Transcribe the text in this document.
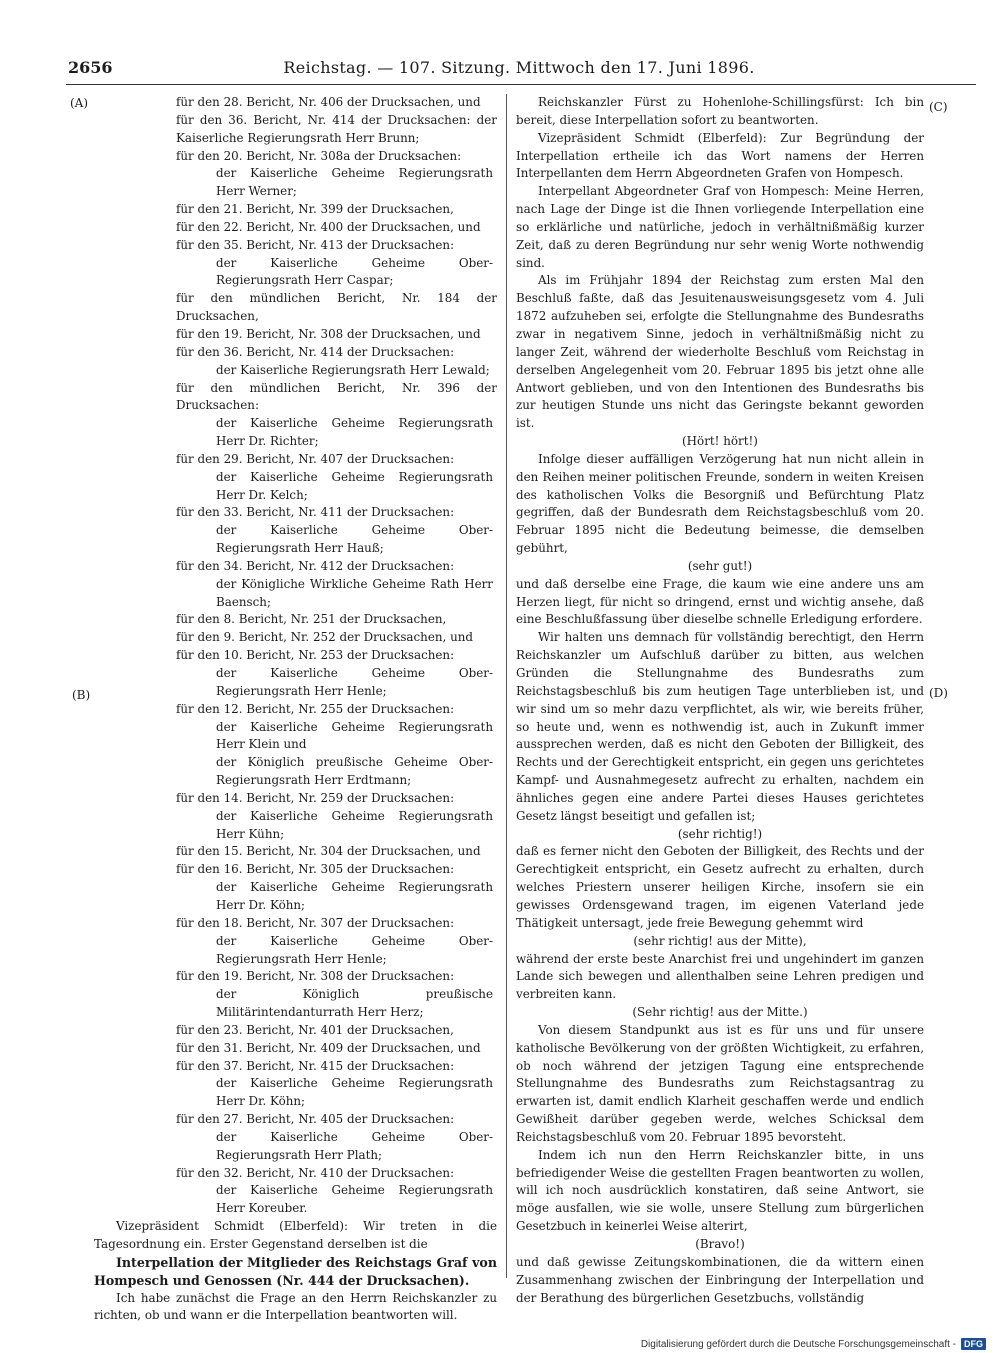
2656	Reichstag. — 107. Sitzung. Mittwoch den 17. Juni 1896.
(A)
(B)
(C)
(D)

für den 28. Bericht, Nr. 406 der Drucksachen, und

für den 36. Bericht, Nr. 414 der Drucksachen: der Kaiserliche Regierungsrath Herr Brunn;

für den 20. Bericht, Nr. 308a der Drucksachen:

der Kaiserliche Geheime Regierungsrath Herr Werner;

für den 21. Bericht, Nr. 399 der Drucksachen,

für den 22. Bericht, Nr. 400 der Drucksachen, und

für den 35. Bericht, Nr. 413 der Drucksachen:

der Kaiserliche Geheime Ober-Regierungsrath Herr Caspar;

für den mündlichen Bericht, Nr. 184 der Drucksachen,

für den 19. Bericht, Nr. 308 der Drucksachen, und

für den 36. Bericht, Nr. 414 der Drucksachen:

der Kaiserliche Regierungsrath Herr Lewald;

für den mündlichen Bericht, Nr. 396 der Drucksachen:

der Kaiserliche Geheime Regierungsrath Herr Dr. Richter;

für den 29. Bericht, Nr. 407 der Drucksachen:

der Kaiserliche Geheime Regierungsrath Herr Dr. Kelch;

für den 33. Bericht, Nr. 411 der Drucksachen:

der Kaiserliche Geheime Ober-Regierungsrath Herr Hauß;

für den 34. Bericht, Nr. 412 der Drucksachen:

der Königliche Wirkliche Geheime Rath Herr Baensch;

für den 8. Bericht, Nr. 251 der Drucksachen,

für den 9. Bericht, Nr. 252 der Drucksachen, und

für den 10. Bericht, Nr. 253 der Drucksachen:

der Kaiserliche Geheime Ober-Regierungsrath Herr Henle;

für den 12. Bericht, Nr. 255 der Drucksachen:

der Kaiserliche Geheime Regierungsrath Herr Klein und

der Königlich preußische Geheime Ober-Regierungsrath Herr Erdtmann;

für den 14. Bericht, Nr. 259 der Drucksachen:

der Kaiserliche Geheime Regierungsrath Herr Kühn;

für den 15. Bericht, Nr. 304 der Drucksachen, und

für den 16. Bericht, Nr. 305 der Drucksachen:

der Kaiserliche Geheime Regierungsrath Herr Dr. Köhn;

für den 18. Bericht, Nr. 307 der Drucksachen:

der Kaiserliche Geheime Ober-Regierungsrath Herr Henle;

für den 19. Bericht, Nr. 308 der Drucksachen:

der Königlich preußische Militärintendanturrath Herr Herz;

für den 23. Bericht, Nr. 401 der Drucksachen,

für den 31. Bericht, Nr. 409 der Drucksachen, und

für den 37. Bericht, Nr. 415 der Drucksachen:

der Kaiserliche Geheime Regierungsrath Herr Dr. Köhn;

für den 27. Bericht, Nr. 405 der Drucksachen:

der Kaiserliche Geheime Ober-Regierungsrath Herr Plath;

für den 32. Bericht, Nr. 410 der Drucksachen:

der Kaiserliche Geheime Regierungsrath Herr Koreuber.

Vizepräsident Schmidt (Elberfeld): Wir treten in die Tagesordnung ein. Erster Gegenstand derselben ist die

Interpellation der Mitglieder des Reichstags Graf von Hompesch und Genossen (Nr. 444 der Drucksachen).

Ich habe zunächst die Frage an den Herrn Reichskanzler zu richten, ob und wann er die Interpellation beantworten will.

Reichskanzler Fürst zu Hohenlohe-Schillingsfürst: Ich bin bereit, diese Interpellation sofort zu beantworten.

Vizepräsident Schmidt (Elberfeld): Zur Begründung der Interpellation ertheile ich das Wort namens der Herren Interpellanten dem Herrn Abgeordneten Grafen von Hompesch.

Interpellant Abgeordneter Graf von Hompesch: Meine Herren, nach Lage der Dinge ist die Ihnen vorliegende Interpellation eine so erklärliche und natürliche, jedoch in verhältnißmäßig kurzer Zeit, daß zu deren Begründung nur sehr wenig Worte nothwendig sind.

Als im Frühjahr 1894 der Reichstag zum ersten Mal den Beschluß faßte, daß das Jesuitenausweisungsgesetz vom 4. Juli 1872 aufzuheben sei, erfolgte die Stellungnahme des Bundesraths zwar in negativem Sinne, jedoch in verhältnißmäßig nicht zu langer Zeit, während der wiederholte Beschluß vom Reichstag in derselben Angelegenheit vom 20. Februar 1895 bis jetzt ohne alle Antwort geblieben, und von den Intentionen des Bundesraths bis zur heutigen Stunde uns nicht das Geringste bekannt geworden ist.

(Hört! hört!)

Infolge dieser auffälligen Verzögerung hat nun nicht allein in den Reihen meiner politischen Freunde, sondern in weiten Kreisen des katholischen Volks die Besorgniß und Befürchtung Platz gegriffen, daß der Bundesrath dem Reichstagsbeschluß vom 20. Februar 1895 nicht die Bedeutung beimesse, die demselben gebührt,

(sehr gut!)

und daß derselbe eine Frage, die kaum wie eine andere uns am Herzen liegt, für nicht so dringend, ernst und wichtig ansehe, daß eine Beschlußfassung über dieselbe schnelle Erledigung erfordere.

Wir halten uns demnach für vollständig berechtigt, den Herrn Reichskanzler um Aufschluß darüber zu bitten, aus welchen Gründen die Stellungnahme des Bundesraths zum Reichstagsbeschluß bis zum heutigen Tage unterblieben ist, und wir sind um so mehr dazu verpflichtet, als wir, wie bereits früher, so heute und, wenn es nothwendig ist, auch in Zukunft immer aussprechen werden, daß es nicht den Geboten der Billigkeit, des Rechts und der Gerechtigkeit entspricht, ein gegen uns gerichtetes Kampf- und Ausnahmegesetz aufrecht zu erhalten, nachdem ein ähnliches gegen eine andere Partei dieses Hauses gerichtetes Gesetz längst beseitigt und gefallen ist;

(sehr richtig!)

daß es ferner nicht den Geboten der Billigkeit, des Rechts und der Gerechtigkeit entspricht, ein Gesetz aufrecht zu erhalten, durch welches Priestern unserer heiligen Kirche, insofern sie ein gewisses Ordensgewand tragen, im eigenen Vaterland jede Thätigkeit untersagt, jede freie Bewegung gehemmt wird

(sehr richtig! aus der Mitte),

während der erste beste Anarchist frei und ungehindert im ganzen Lande sich bewegen und allenthalben seine Lehren predigen und verbreiten kann.

(Sehr richtig! aus der Mitte.)

Von diesem Standpunkt aus ist es für uns und für unsere katholische Bevölkerung von der größten Wichtigkeit, zu erfahren, ob noch während der jetzigen Tagung eine entsprechende Stellungnahme des Bundesraths zum Reichstagsantrag zu erwarten ist, damit endlich Klarheit geschaffen werde und endlich Gewißheit darüber gegeben werde, welches Schicksal dem Reichstagsbeschluß vom 20. Februar 1895 bevorsteht.

Indem ich nun den Herrn Reichskanzler bitte, in uns befriedigender Weise die gestellten Fragen beantworten zu wollen, will ich noch ausdrücklich konstatiren, daß seine Antwort, sie möge ausfallen, wie sie wolle, unsere Stellung zum bürgerlichen Gesetzbuch in keinerlei Weise alterirt,

(Bravo!)

und daß gewisse Zeitungskombinationen, die da wittern einen Zusammenhang zwischen der Einbringung der Interpellation und der Berathung des bürgerlichen Gesetzbuchs, vollständig

Digitalisierung gefördert durch die Deutsche Forschungsgemeinschaft - DFG
